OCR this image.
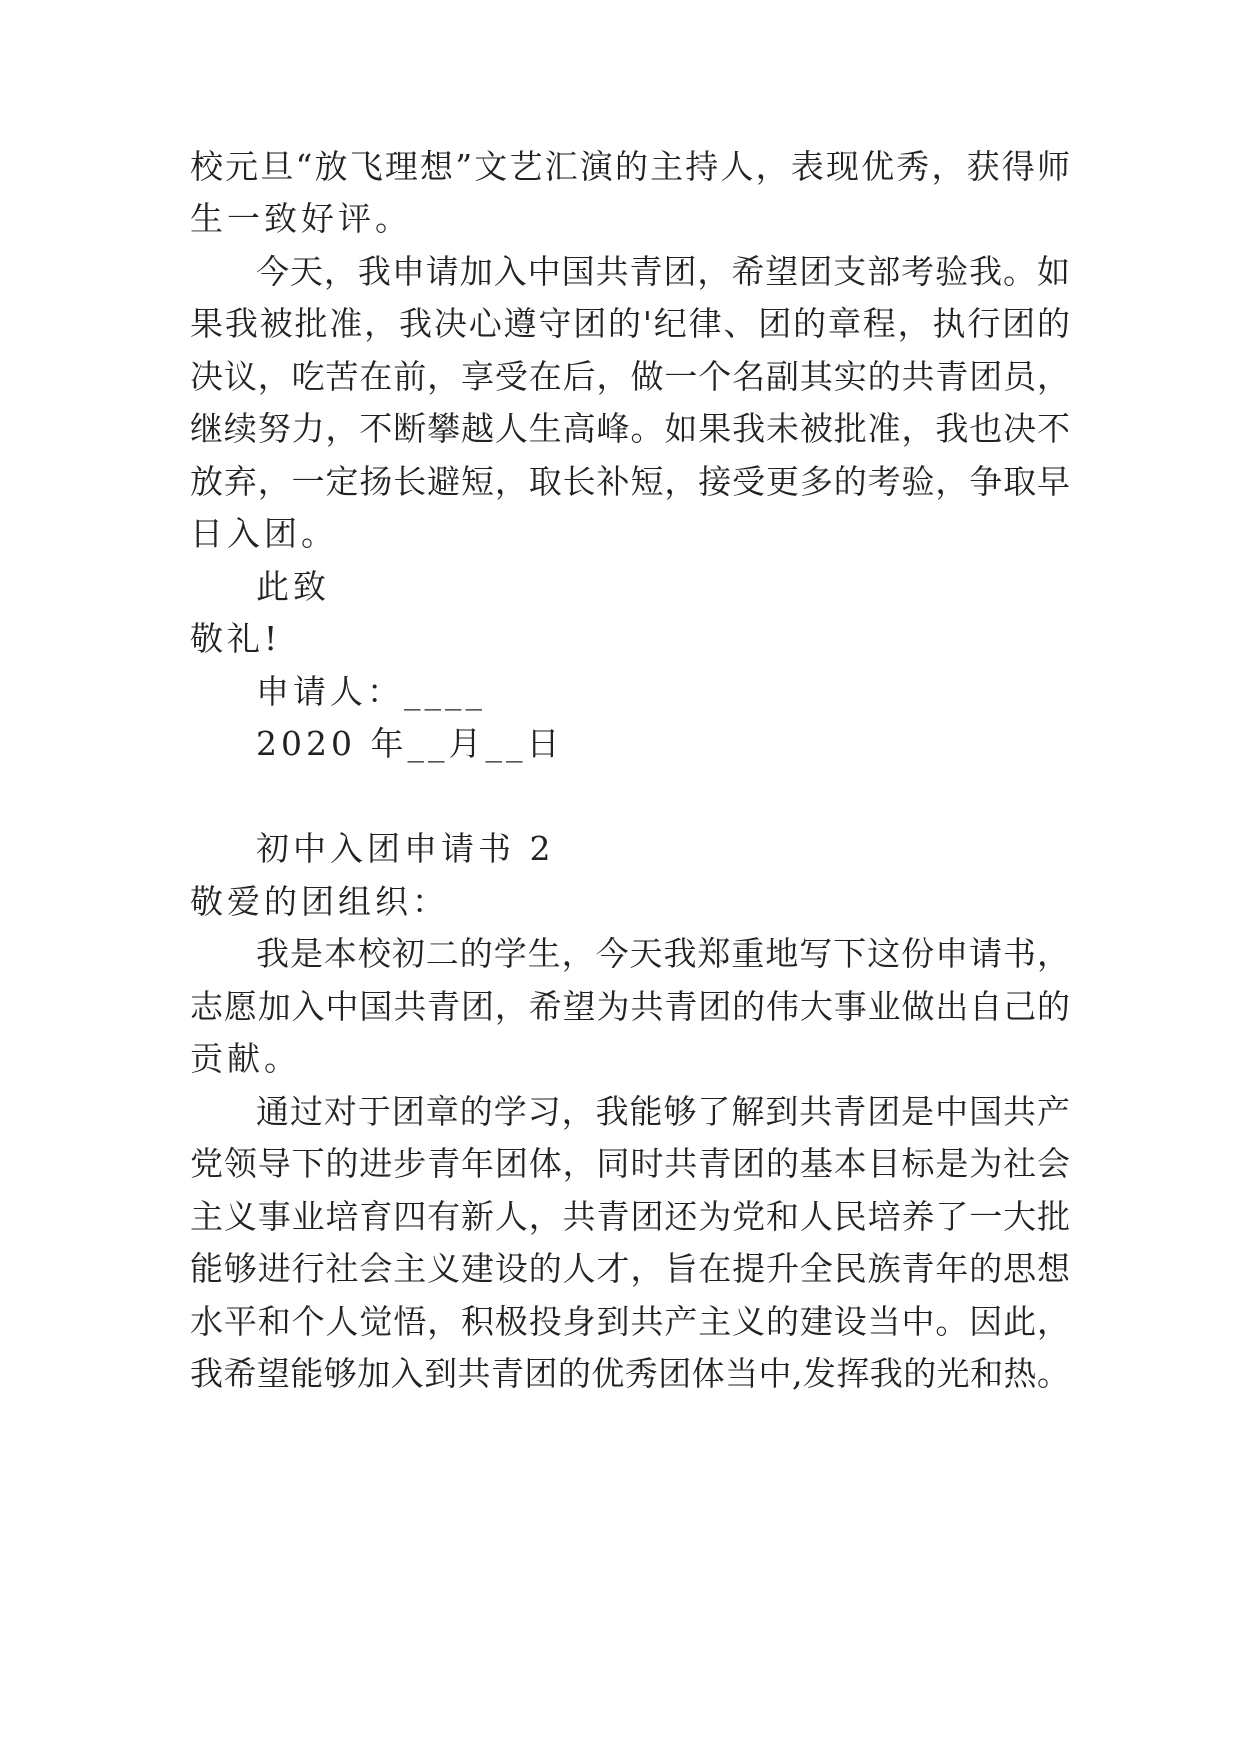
校元旦“放飞理想”文艺汇演的主持人，表现优秀，获得师
生一致好评。
今天，我申请加入中国共青团，希望团支部考验我。如
果我被批准，我决心遵守团的'纪律、团的章程，执行团的
决议，吃苦在前，享受在后，做一个名副其实的共青团员，
继续努力，不断攀越人生高峰。如果我未被批准，我也决不
放弃，一定扬长避短，取长补短，接受更多的考验，争取早
日入团。
此致
敬礼!
申请人：____
2020 年__月__日
初中入团申请书 2
敬爱的团组织：
我是本校初二的学生，今天我郑重地写下这份申请书，
志愿加入中国共青团，希望为共青团的伟大事业做出自己的
贡献。
通过对于团章的学习，我能够了解到共青团是中国共产
党领导下的进步青年团体，同时共青团的基本目标是为社会
主义事业培育四有新人，共青团还为党和人民培养了一大批
能够进行社会主义建设的人才，旨在提升全民族青年的思想
水平和个人觉悟，积极投身到共产主义的建设当中。因此，
我希望能够加入到共青团的优秀团体当中,发挥我的光和热。
